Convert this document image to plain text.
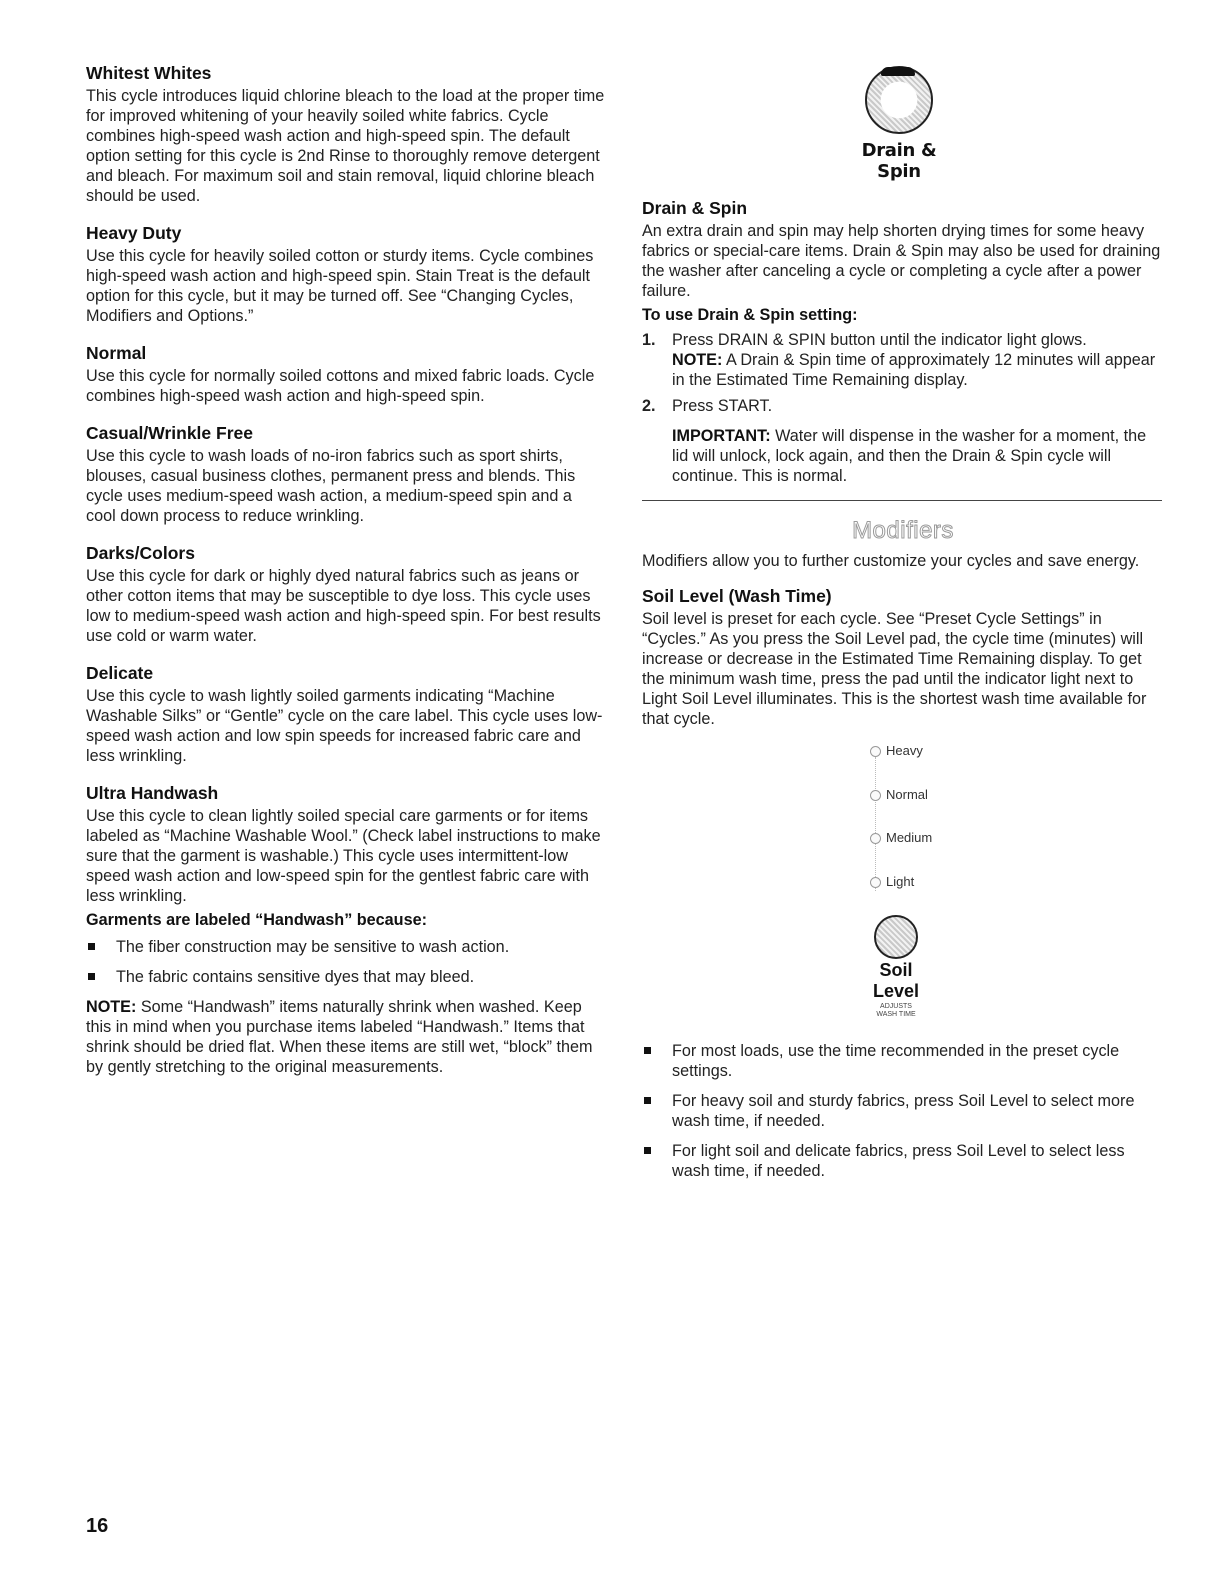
Whitest Whites

This cycle introduces liquid chlorine bleach to the load at the proper time for improved whitening of your heavily soiled white fabrics. Cycle combines high-speed wash action and high-speed spin. The default option setting for this cycle is 2nd Rinse to thoroughly remove detergent and bleach. For maximum soil and stain removal, liquid chlorine bleach should be used.

Heavy Duty

Use this cycle for heavily soiled cotton or sturdy items. Cycle combines high-speed wash action and high-speed spin. Stain Treat is the default option for this cycle, but it may be turned off. See “Changing Cycles, Modifiers and Options.”

Normal

Use this cycle for normally soiled cottons and mixed fabric loads. Cycle combines high-speed wash action and high-speed spin.

Casual/Wrinkle Free

Use this cycle to wash loads of no-iron fabrics such as sport shirts, blouses, casual business clothes, permanent press and blends. This cycle uses medium-speed wash action, a medium-speed spin and a cool down process to reduce wrinkling.

Darks/Colors

Use this cycle for dark or highly dyed natural fabrics such as jeans or other cotton items that may be susceptible to dye loss. This cycle uses low to medium-speed wash action and high-speed spin. For best results use cold or warm water.

Delicate

Use this cycle to wash lightly soiled garments indicating “Machine Washable Silks” or “Gentle” cycle on the care label. This cycle uses low-speed wash action and low spin speeds for increased fabric care and less wrinkling.

Ultra Handwash

Use this cycle to clean lightly soiled special care garments or for items labeled as “Machine Washable Wool.” (Check label instructions to make sure that the garment is washable.) This cycle uses intermittent-low speed wash action and low-speed spin for the gentlest fabric care with less wrinkling.

Garments are labeled “Handwash” because:
The fiber construction may be sensitive to wash action.
The fabric contains sensitive dyes that may bleed.

NOTE: Some “Handwash” items naturally shrink when washed. Keep this in mind when you purchase items labeled “Handwash.” Items that shrink should be dried flat. When these items are still wet, “block” them by gently stretching to the original measurements.

Drain & Spin
Drain & Spin

An extra drain and spin may help shorten drying times for some heavy fabrics or special-care items. Drain & Spin may also be used for draining the washer after canceling a cycle or completing a cycle after a power failure.

To use Drain & Spin setting:
1. Press DRAIN & SPIN button until the indicator light glows.
NOTE: A Drain & Spin time of approximately 12 minutes will appear in the Estimated Time Remaining display.
2. Press START.
IMPORTANT: Water will dispense in the washer for a moment, the lid will unlock, lock again, and then the Drain & Spin cycle will continue. This is normal.
Modifiers

Modifiers allow you to further customize your cycles and save energy.

Soil Level (Wash Time)

Soil level is preset for each cycle. See “Preset Cycle Settings” in “Cycles.” As you press the Soil Level pad, the cycle time (minutes) will increase or decrease in the Estimated Time Remaining display. To get the minimum wash time, press the pad until the indicator light next to Light Soil Level illuminates. This is the shortest wash time available for that cycle.

Heavy
Normal
Medium
Light
Soil
Level
ADJUSTS
WASH TIME
For most loads, use the time recommended in the preset cycle settings.
For heavy soil and sturdy fabrics, press Soil Level to select more wash time, if needed.
For light soil and delicate fabrics, press Soil Level to select less wash time, if needed.
16
